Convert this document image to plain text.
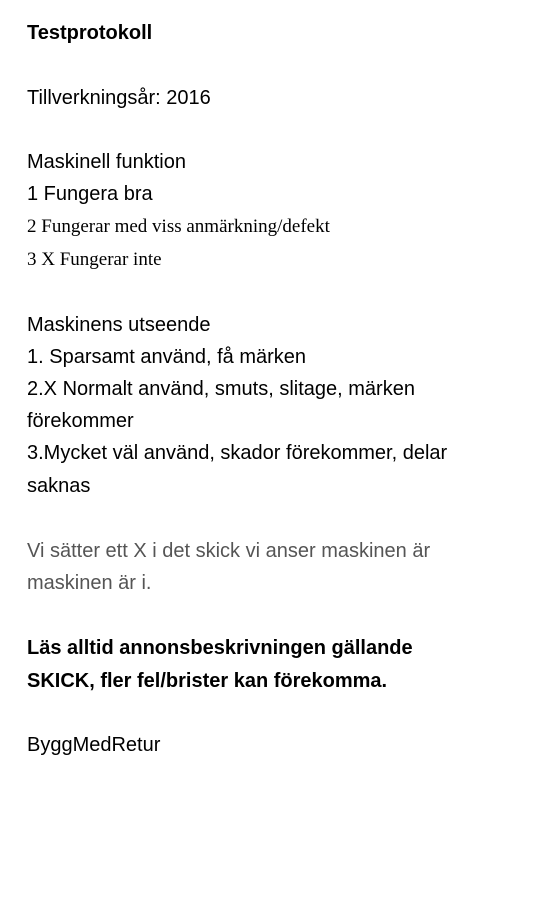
Testprotokoll
Tillverkningsår: 2016
Maskinell funktion
1 Fungera bra
2 Fungerar med viss anmärkning/defekt
3 X Fungerar inte
Maskinens utseende
1. Sparsamt använd, få märken
2.X Normalt använd, smuts, slitage, märken
förekommer
3.Mycket väl använd, skador förekommer, delar
saknas
Vi sätter ett X i det skick vi anser maskinen är
maskinen är i.
Läs alltid annonsbeskrivningen gällande
SKICK, fler fel/brister kan förekomma.
ByggMedRetur
